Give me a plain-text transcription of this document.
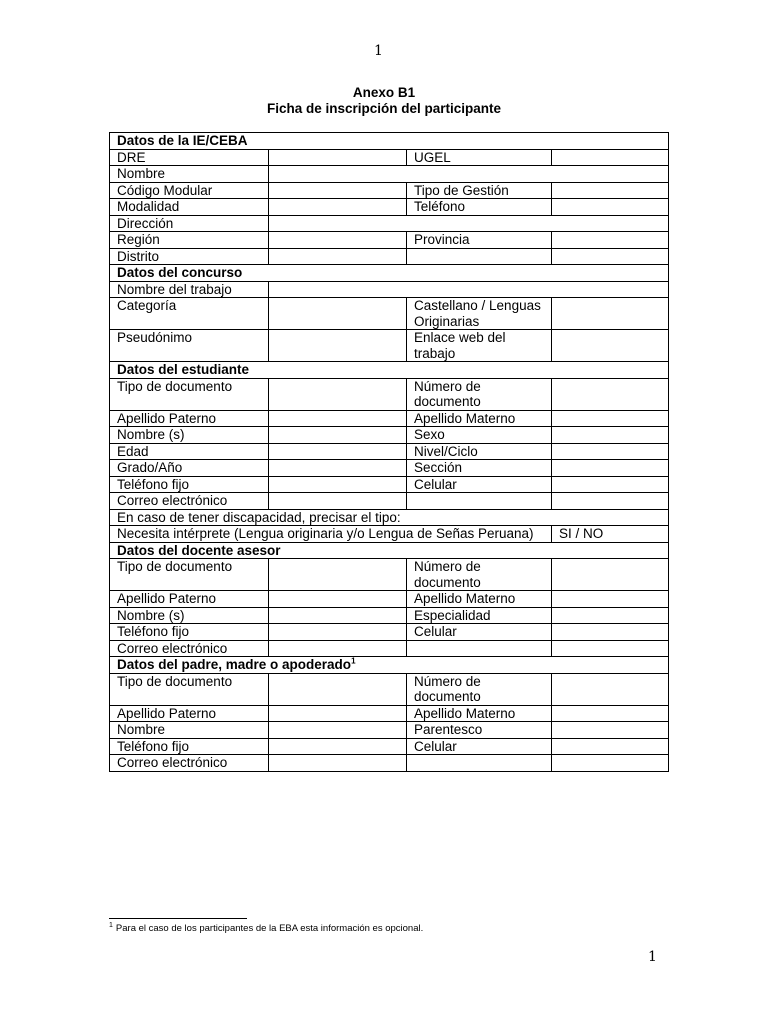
1
Anexo B1
Ficha de inscripción del participante
Datos de la IE/CEBA			
DRE		UGEL	
Nombre			
Código Modular		Tipo de Gestión	
Modalidad		Teléfono	
Dirección			
Región		Provincia	
Distrito			
Datos del concurso			
Nombre del trabajo			
Categoría		Castellano / Lenguas Originarias	
Pseudónimo		Enlace web del trabajo	
Datos del estudiante			
Tipo de documento		Número de documento	
Apellido Paterno		Apellido Materno	
Nombre (s)		Sexo	
Edad		Nivel/Ciclo	
Grado/Año		Sección	
Teléfono fijo		Celular	
Correo electrónico			
En caso de tener discapacidad, precisar el tipo:			
Necesita intérprete (Lengua originaria y/o Lengua de Señas Peruana)			SI / NO
Datos del docente asesor			
Tipo de documento		Número de documento	
Apellido Paterno		Apellido Materno	
Nombre (s)		Especialidad	
Teléfono fijo		Celular	
Correo electrónico			
Datos del padre, madre o apoderado$^1$
Tipo de documento		Número de documento	
Apellido Paterno		Apellido Materno	
Nombre		Parentesco	
Teléfono fijo		Celular	
Correo electrónico			
$^1$ Para el caso de los participantes de la EBA esta información es opcional.
1
